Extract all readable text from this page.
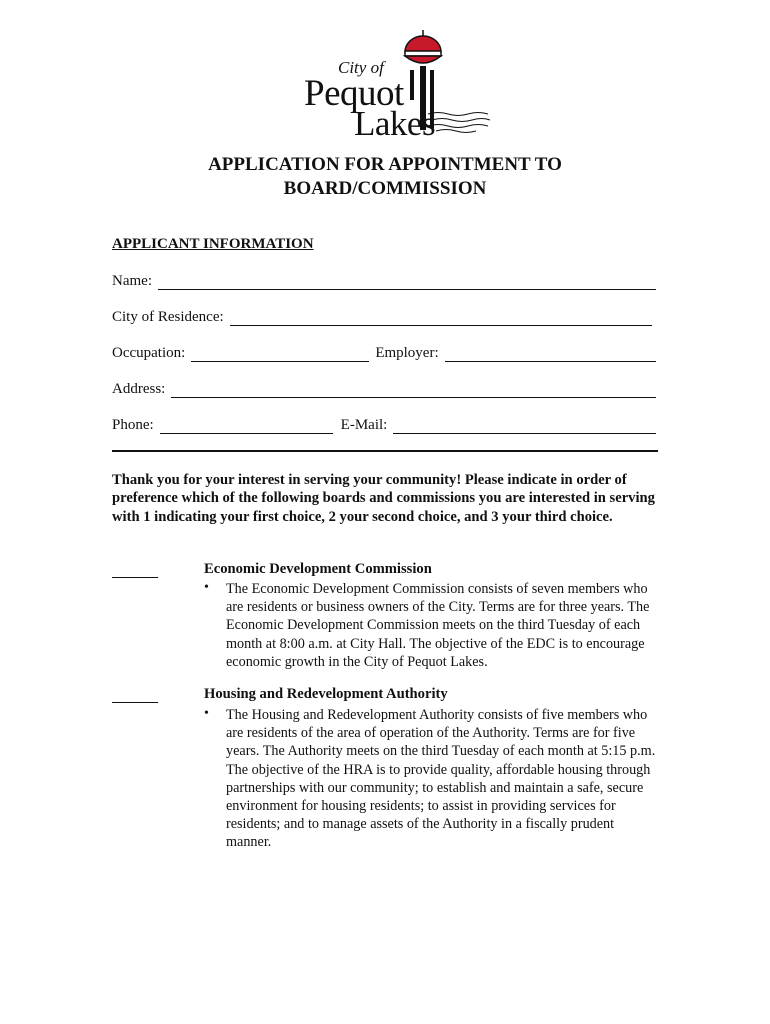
City of
Pequot
Lakes
APPLICATION FOR APPOINTMENT TO
BOARD/COMMISSION
APPLICANT INFORMATION
Name:
City of Residence:
Occupation:	Employer:
Address:
Phone:	E-Mail:
Thank you for your interest in serving your community! Please indicate in order of preference which of the following boards and commissions you are interested in serving with 1 indicating your first choice, 2 your second choice, and 3 your third choice.
Economic Development Commission
• The Economic Development Commission consists of seven members who are residents or business owners of the City. Terms are for three years. The Economic Development Commission meets on the third Tuesday of each month at 8:00 a.m. at City Hall. The objective of the EDC is to encourage economic growth in the City of Pequot Lakes.
Housing and Redevelopment Authority
• The Housing and Redevelopment Authority consists of five members who are residents of the area of operation of the Authority. Terms are for five years. The Authority meets on the third Tuesday of each month at 5:15 p.m. The objective of the HRA is to provide quality, affordable housing through partnerships with our community; to establish and maintain a safe, secure environment for housing residents; to assist in providing services for residents; and to manage assets of the Authority in a fiscally prudent manner.
